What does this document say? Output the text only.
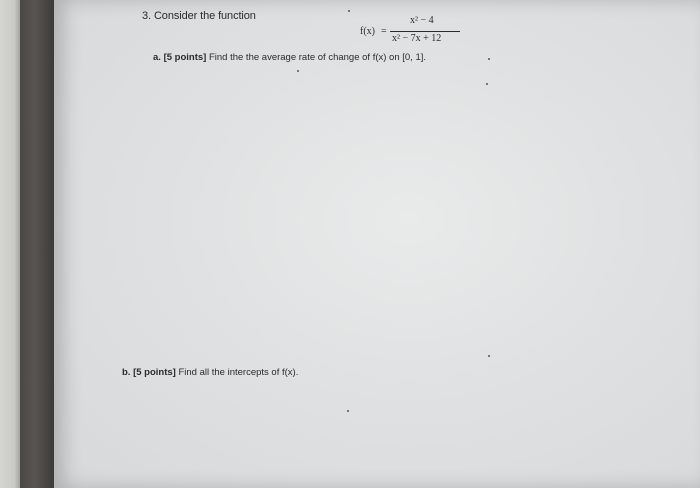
3. Consider the function
f(x) =
x² − 4
x² − 7x + 12
a. [5 points] Find the the average rate of change of f(x) on [0, 1].
b. [5 points] Find all the intercepts of f(x).
